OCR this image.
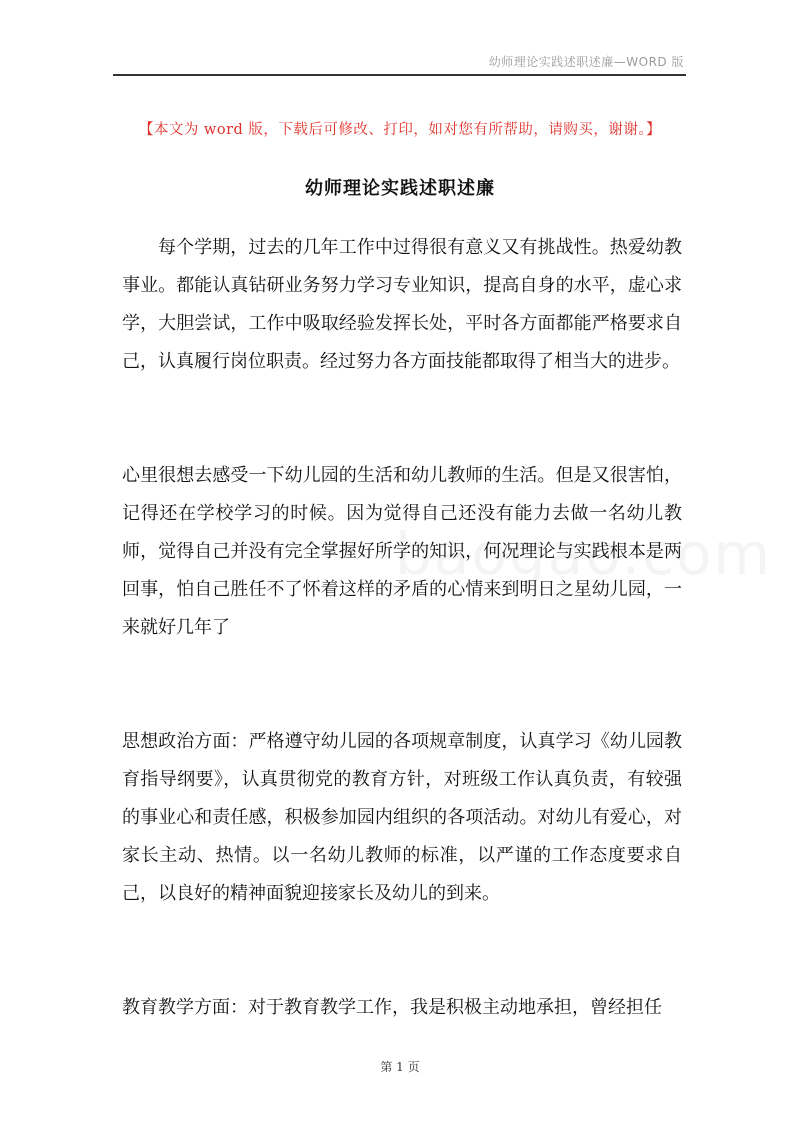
幼师理论实践述职述廉—WORD 版
【本文为 word 版，下载后可修改、打印，如对您有所帮助，请购买，谢谢。】
幼师理论实践述职述廉

每个学期，过去的几年工作中过得很有意义又有挑战性。热爱幼教事业。都能认真钻研业务努力学习专业知识，提高自身的水平，虚心求学，大胆尝试，工作中吸取经验发挥长处，平时各方面都能严格要求自己，认真履行岗位职责。经过努力各方面技能都取得了相当大的进步。

心里很想去感受一下幼儿园的生活和幼儿教师的生活。但是又很害怕，记得还在学校学习的时候。因为觉得自己还没有能力去做一名幼儿教师，觉得自己并没有完全掌握好所学的知识，何况理论与实践根本是两回事，怕自己胜任不了怀着这样的矛盾的心情来到明日之星幼儿园，一来就好几年了

思想政治方面：严格遵守幼儿园的各项规章制度，认真学习《幼儿园教育指导纲要》，认真贯彻党的教育方针，对班级工作认真负责，有较强的事业心和责任感，积极参加园内组织的各项活动。对幼儿有爱心，对家长主动、热情。以一名幼儿教师的标准，以严谨的工作态度要求自己，以良好的精神面貌迎接家长及幼儿的到来。

教育教学方面：对于教育教学工作，我是积极主动地承担，曾经担任

第 1 页
